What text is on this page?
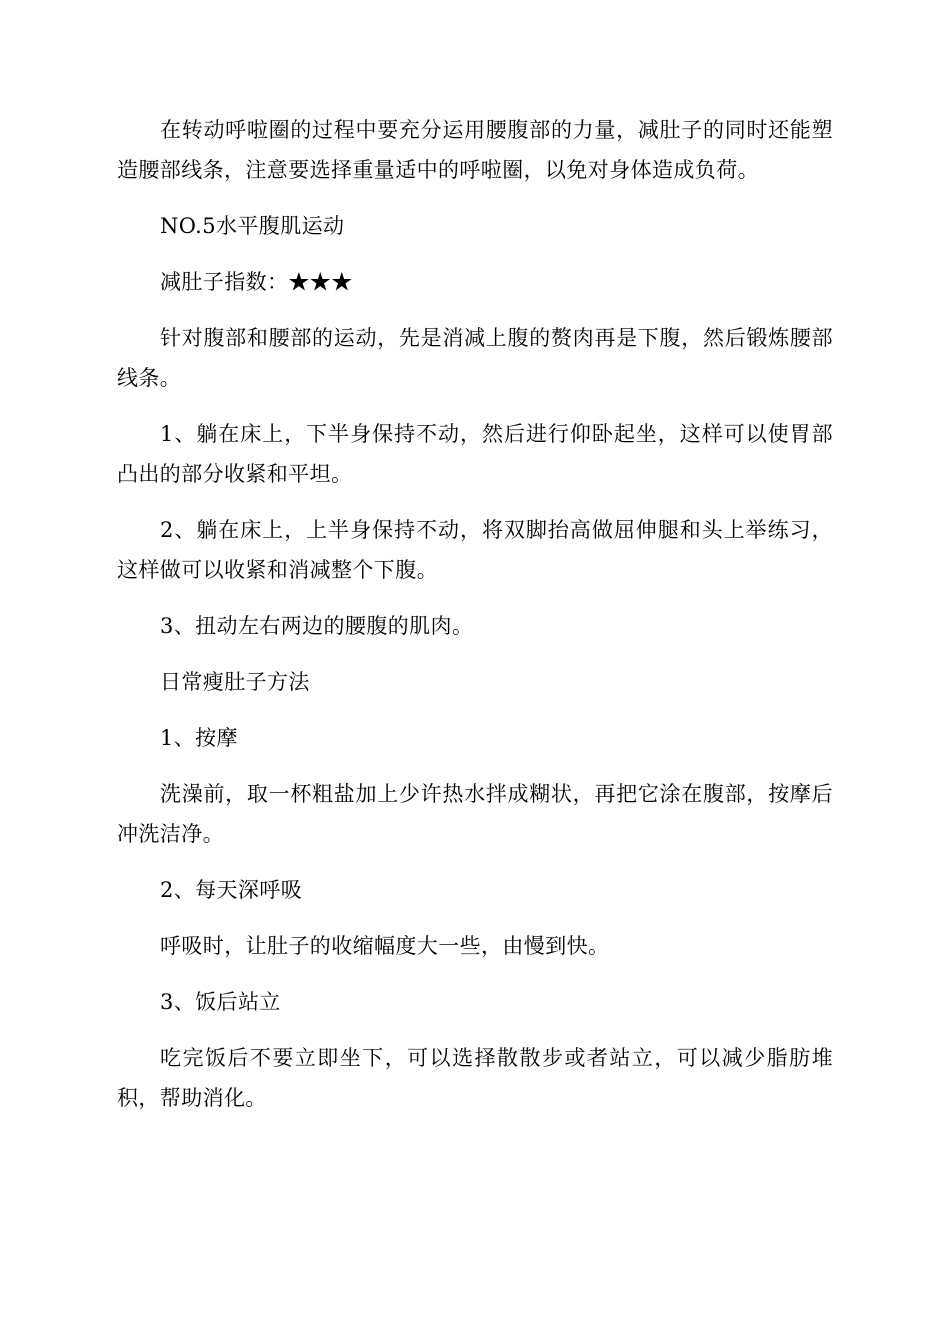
在转动呼啦圈的过程中要充分运用腰腹部的力量，减肚子的同时还能塑造腰部线条，注意要选择重量适中的呼啦圈，以免对身体造成负荷。

NO.5水平腹肌运动

减肚子指数：★★★

针对腹部和腰部的运动，先是消减上腹的赘肉再是下腹，然后锻炼腰部线条。

1、躺在床上，下半身保持不动，然后进行仰卧起坐，这样可以使胃部凸出的部分收紧和平坦。

2、躺在床上，上半身保持不动，将双脚抬高做屈伸腿和头上举练习，这样做可以收紧和消减整个下腹。

3、扭动左右两边的腰腹的肌肉。

日常瘦肚子方法

1、按摩

洗澡前，取一杯粗盐加上少许热水拌成糊状，再把它涂在腹部，按摩后冲洗洁净。

2、每天深呼吸

呼吸时，让肚子的收缩幅度大一些，由慢到快。

3、饭后站立

吃完饭后不要立即坐下，可以选择散散步或者站立，可以减少脂肪堆积，帮助消化。
